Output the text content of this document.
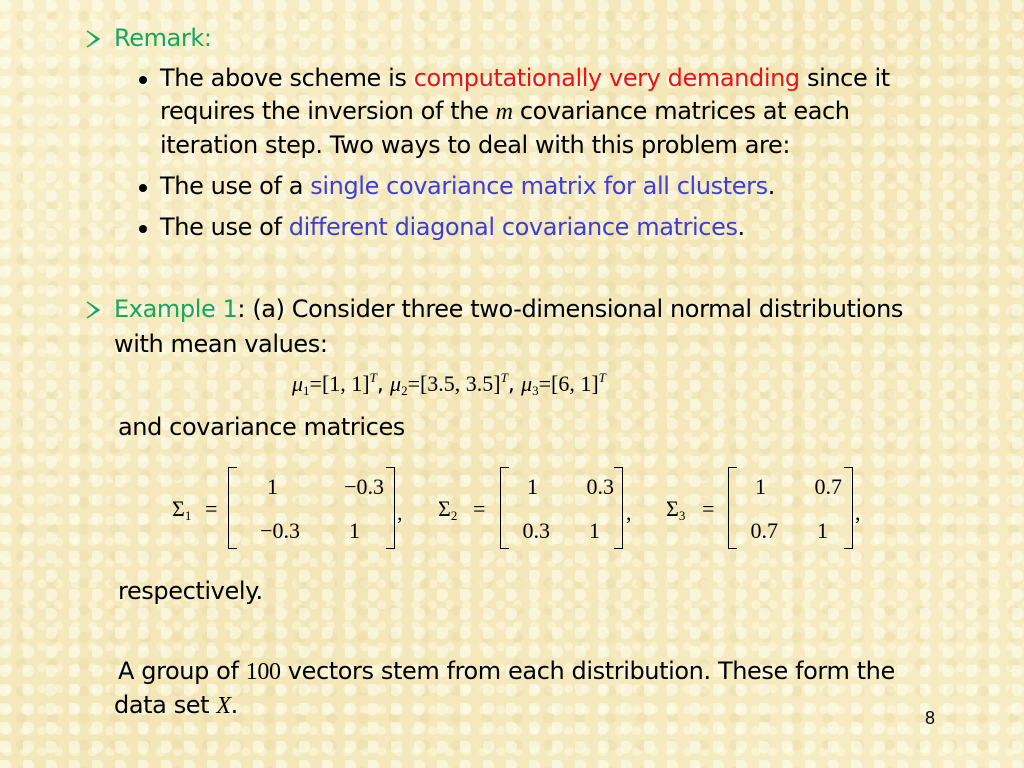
Remark:
The above scheme is computationally very demanding since it
requires the inversion of the m covariance matrices at each
iteration step. Two ways to deal with this problem are:
The use of a single covariance matrix for all clusters.
The use of different diagonal covariance matrices.
Example 1: (a) Consider three two-dimensional normal distributions
with mean values:
$\mu_1=[1$, 1]$^T$, $\mu_2=[3.5$, 3.5]$^T$, $\mu_3=[6$, 1]$^T$
and covariance matrices
$\Sigma_1$ =
1	−0.3
−0.3	1
, $\Sigma_2$ =
1	0.3
0.3	1
, $\Sigma_3$ =
1	0.7
0.7	1
,
respectively.
A group of 100 vectors stem from each distribution. These form the
data set X.	8
